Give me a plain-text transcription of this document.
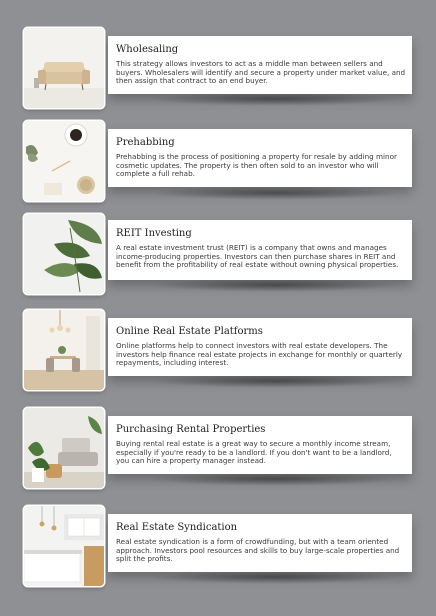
Wholesaling

This strategy allows investors to act as a middle man between sellers and buyers. Wholesalers will identify and secure a property under market value, and then assign that contract to an end buyer.

Prehabbing

Prehabbing is the process of positioning a property for resale by adding minor cosmetic updates. The property is then often sold to an investor who will complete a full rehab.

REIT Investing

A real estate investment trust (REIT) is a company that owns and manages income-producing properties. Investors can then purchase shares in REIT and benefit from the profitability of real estate without owning physical properties.

Online Real Estate Platforms

Online platforms help to connect investors with real estate developers. The investors help finance real estate projects in exchange for monthly or quarterly repayments, including interest.

Purchasing Rental Properties

Buying rental real estate is a great way to secure a monthly income stream, especially if you're ready to be a landlord. If you don't want to be a landlord, you can hire a property manager instead.

Real Estate Syndication

Real estate syndication is a form of crowdfunding, but with a team oriented approach. Investors pool resources and skills to buy large-scale properties and split the profits.
